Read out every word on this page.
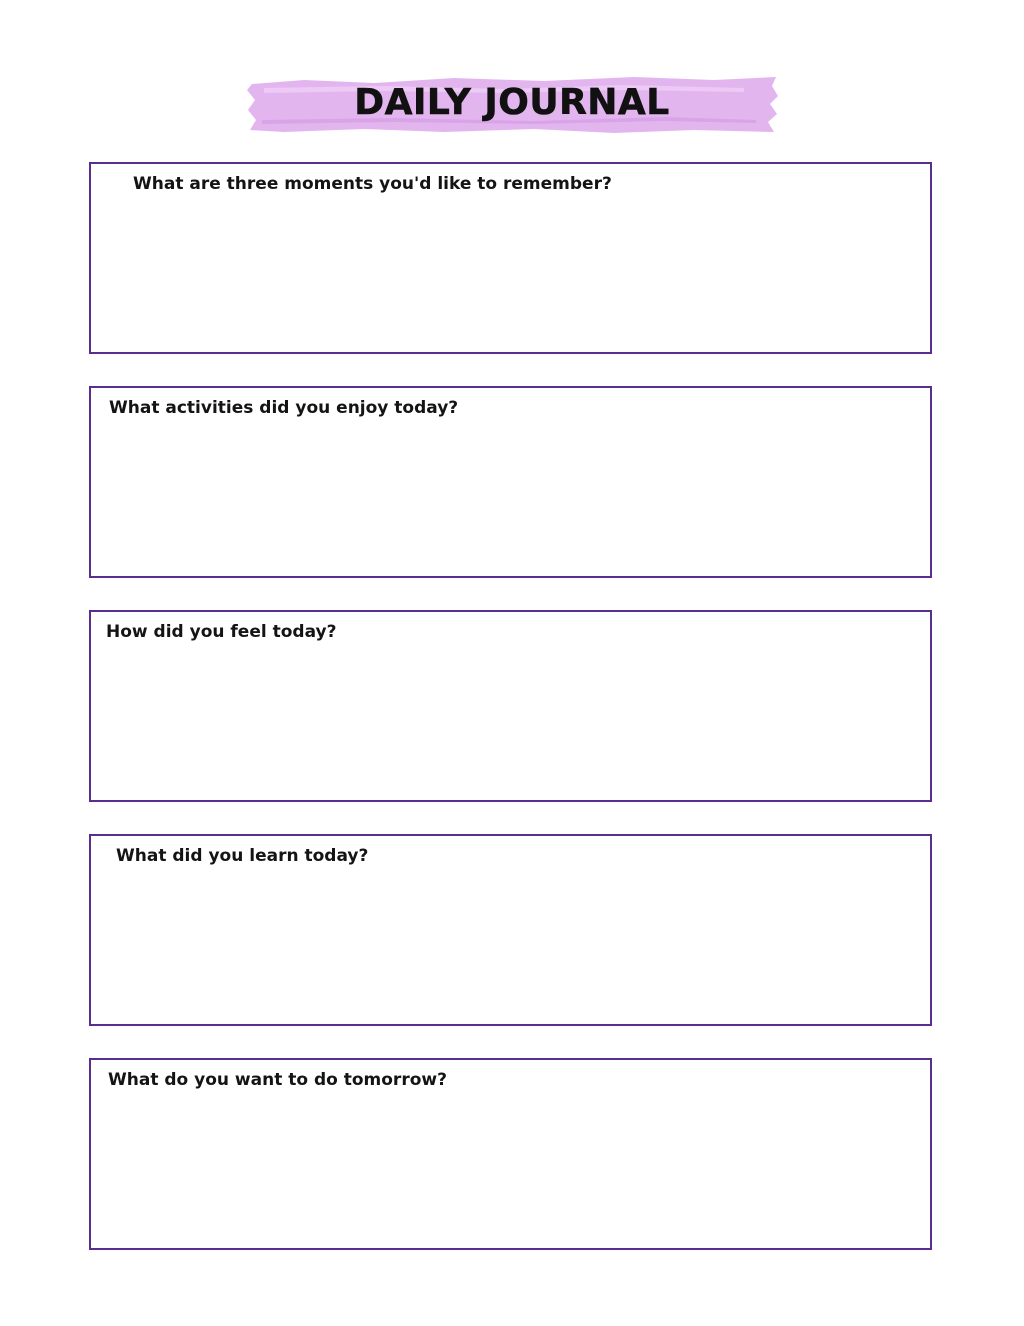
DAILY JOURNAL
What are three moments you'd like to remember?
What activities did you enjoy today?
How did you feel today?
What did you learn today?
What do you want to do tomorrow?
